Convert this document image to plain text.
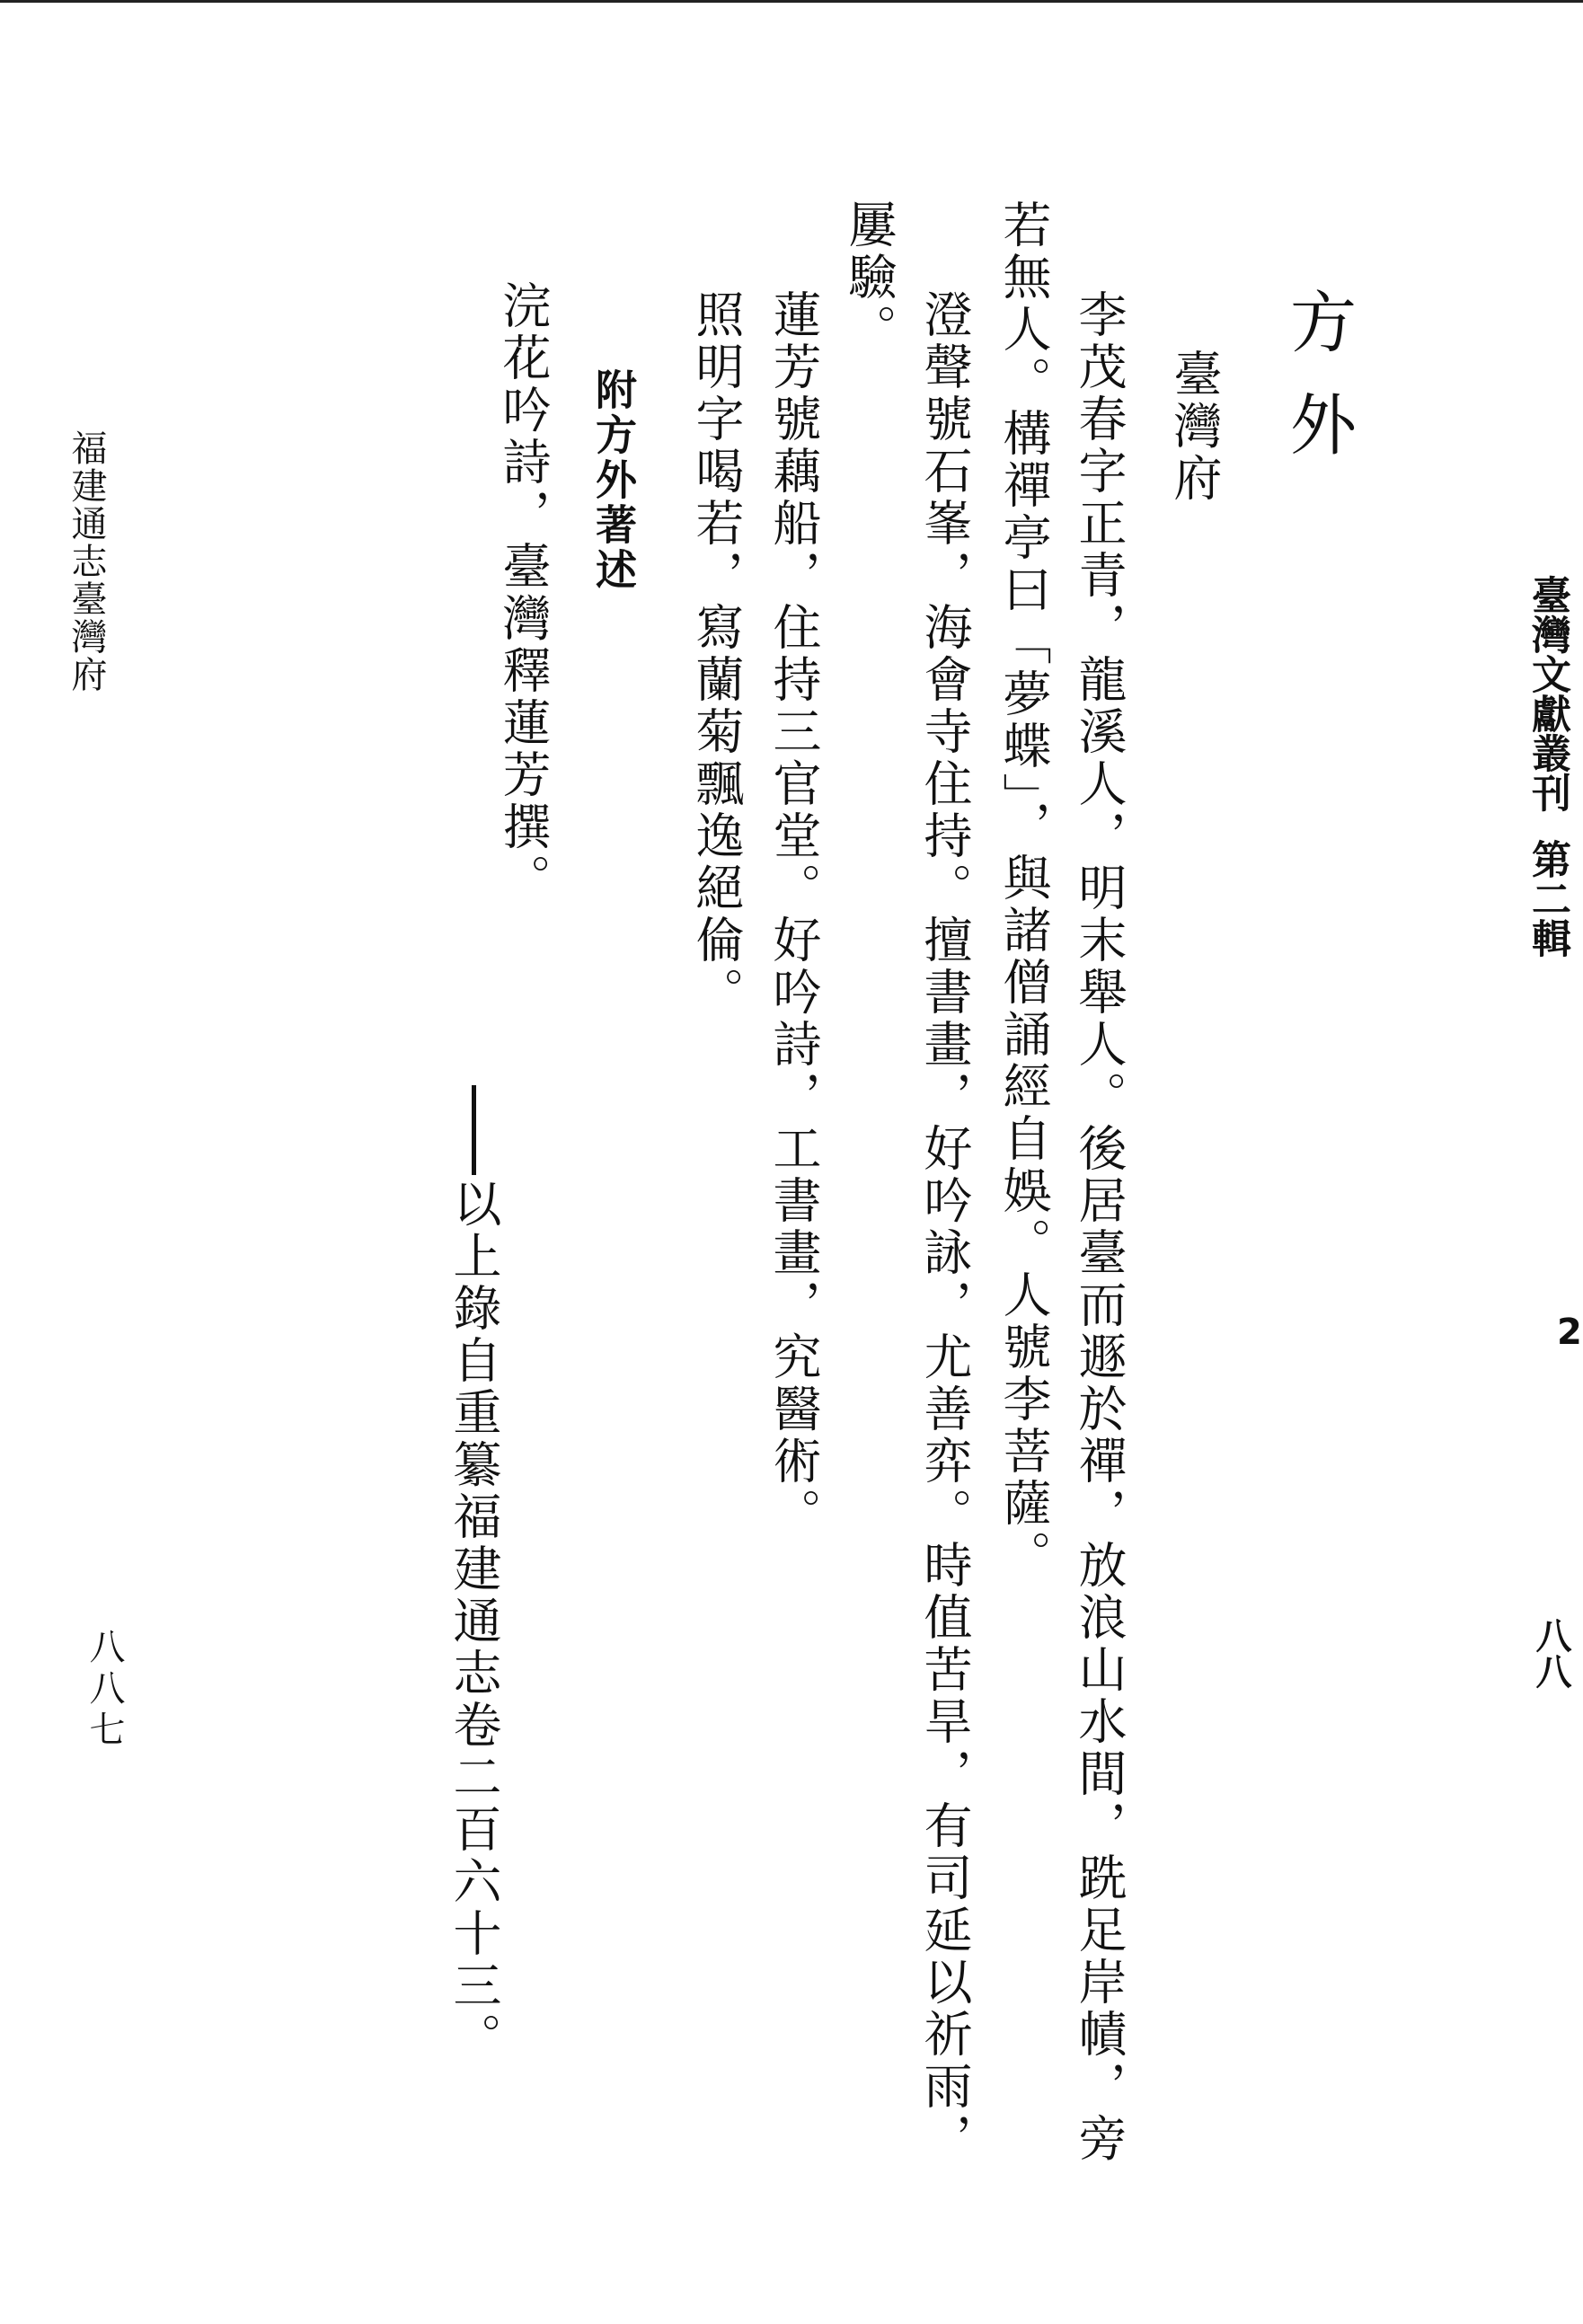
臺灣文獻叢刊第二輯
2
八八
方外
臺灣府
李茂春字正青，龍溪人，明末舉人。後居臺而遯於禪，放浪山水間，跣足岸幘，旁
若無人。構禪亭曰「夢蝶」，與諸僧誦經自娛。人號李菩薩。
澄聲號石峯，海會寺住持。擅書畫，好吟詠，尤善弈。時值苦旱，有司延以祈雨，
屢驗。
蓮芳號藕船，住持三官堂。好吟詩，工書畫，究醫術。
照明字喝若，寫蘭菊飄逸絕倫。
附方外著述
浣花吟詩，臺灣釋蓮芳撰。
以上錄自重纂福建通志卷二百六十三。
福建通志臺灣府
八八七
